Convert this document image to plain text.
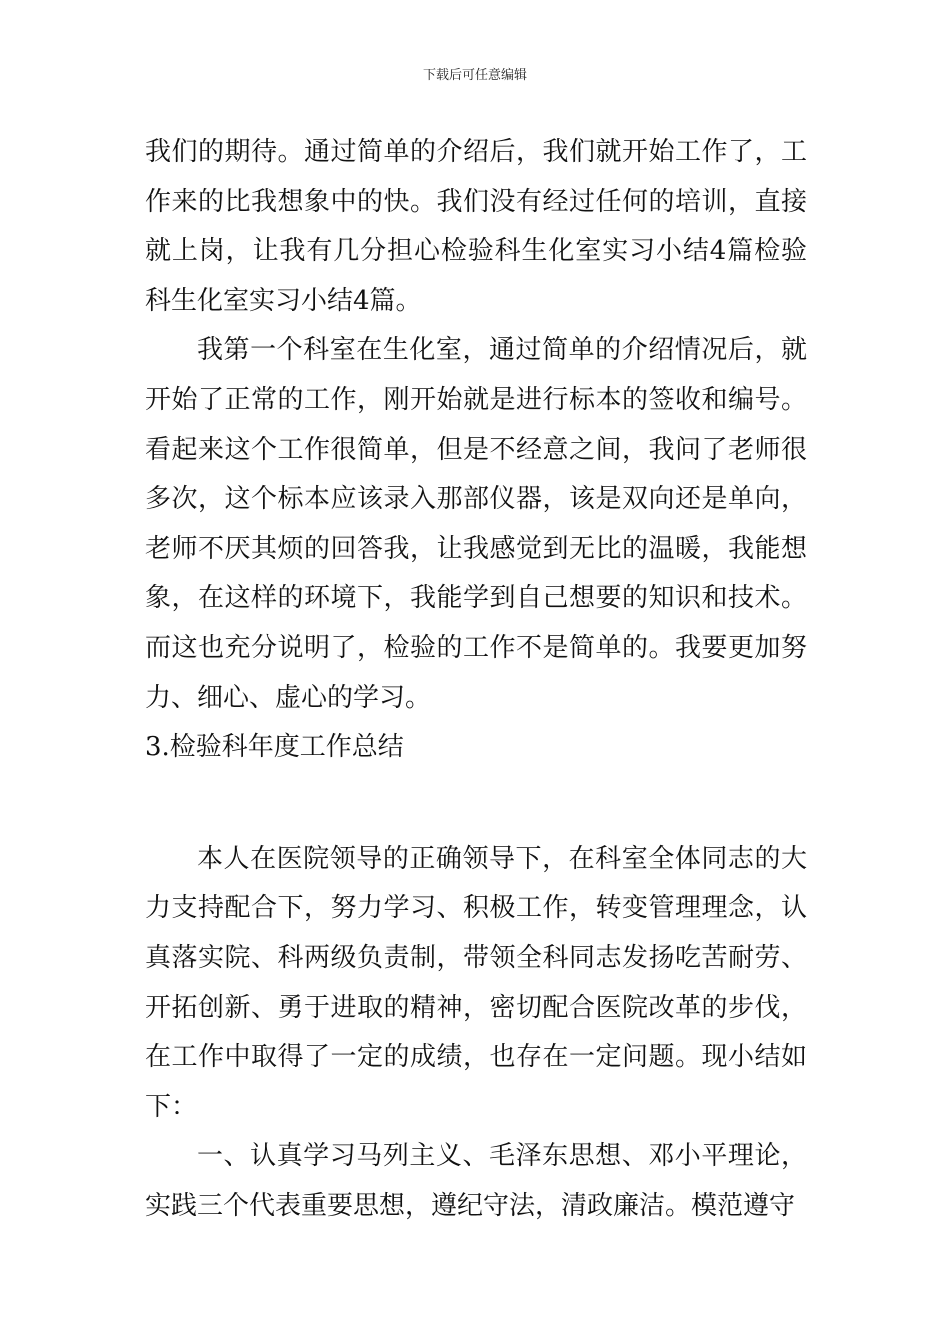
下载后可任意编辑

我们的期待。通过简单的介绍后，我们就开始工作了，工作来的比我想象中的快。我们没有经过任何的培训，直接就上岗，让我有几分担心检验科生化室实习小结4篇检验科生化室实习小结4篇。

我第一个科室在生化室，通过简单的介绍情况后，就开始了正常的工作，刚开始就是进行标本的签收和编号。看起来这个工作很简单，但是不经意之间，我问了老师很多次，这个标本应该录入那部仪器，该是双向还是单向，老师不厌其烦的回答我，让我感觉到无比的温暖，我能想象，在这样的环境下，我能学到自己想要的知识和技术。而这也充分说明了，检验的工作不是简单的。我要更加努力、细心、虚心的学习。

3.检验科年度工作总结

本人在医院领导的正确领导下，在科室全体同志的大力支持配合下，努力学习、积极工作，转变管理理念，认真落实院、科两级负责制，带领全科同志发扬吃苦耐劳、开拓创新、勇于进取的精神，密切配合医院改革的步伐，在工作中取得了一定的成绩，也存在一定问题。现小结如下：

一、认真学习马列主义、毛泽东思想、邓小平理论，实践三个代表重要思想，遵纪守法，清政廉洁。模范遵守
